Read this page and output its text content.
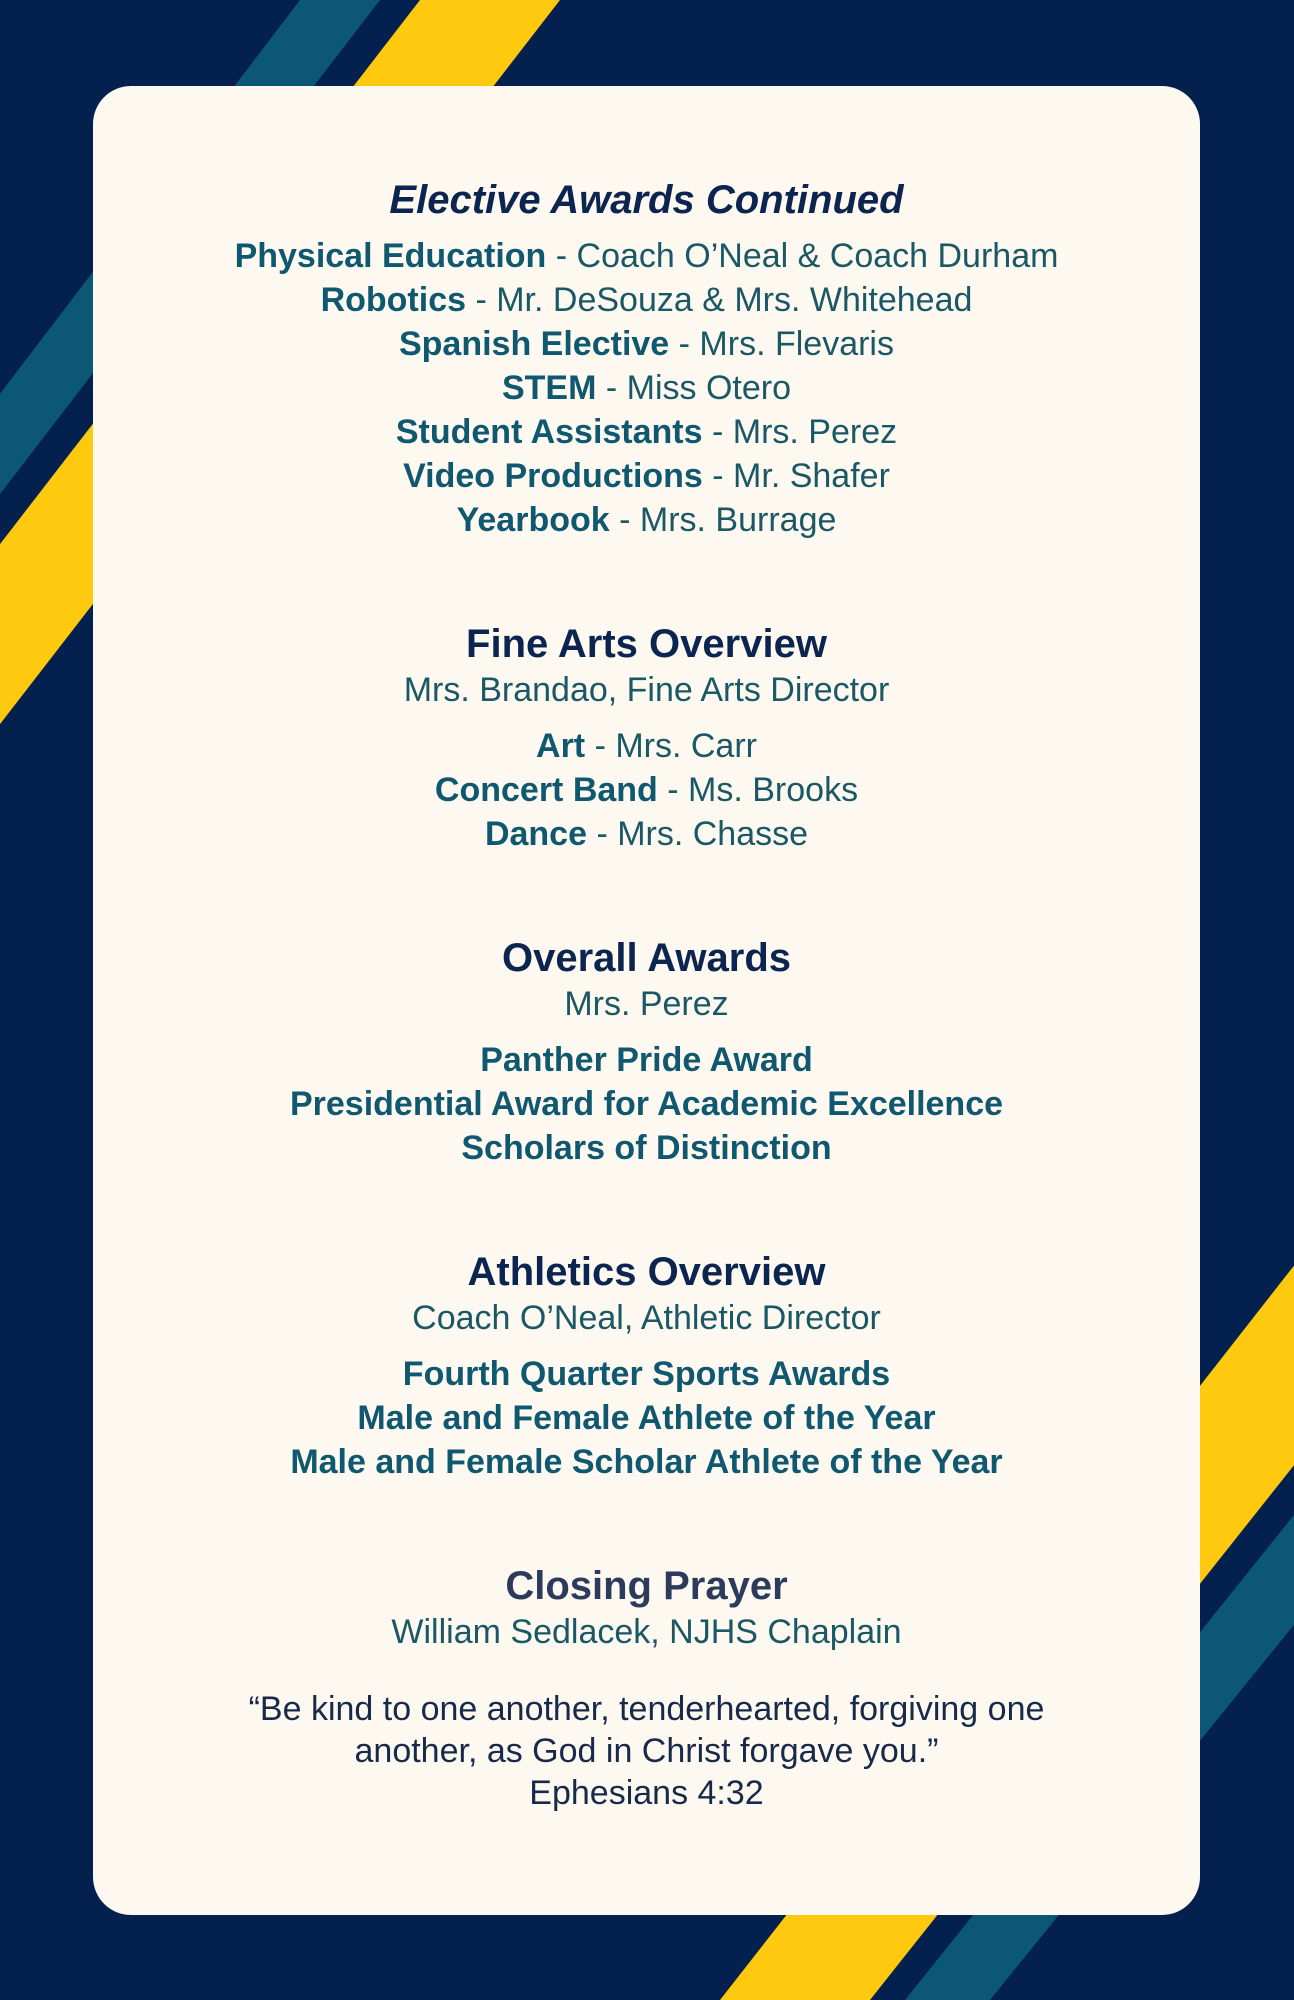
Elective Awards Continued

Physical Education - Coach O’Neal & Coach Durham

Robotics - Mr. DeSouza & Mrs. Whitehead

Spanish Elective - Mrs. Flevaris

STEM - Miss Otero

Student Assistants - Mrs. Perez

Video Productions - Mr. Shafer

Yearbook - Mrs. Burrage

Fine Arts Overview

Mrs. Brandao, Fine Arts Director

Art - Mrs. Carr

Concert Band - Ms. Brooks

Dance - Mrs. Chasse

Overall Awards

Mrs. Perez

Panther Pride Award

Presidential Award for Academic Excellence

Scholars of Distinction

Athletics Overview

Coach O’Neal, Athletic Director

Fourth Quarter Sports Awards

Male and Female Athlete of the Year

Male and Female Scholar Athlete of the Year

Closing Prayer

William Sedlacek, NJHS Chaplain

“Be kind to one another, tenderhearted, forgiving one

another, as God in Christ forgave you.”

Ephesians 4:32
